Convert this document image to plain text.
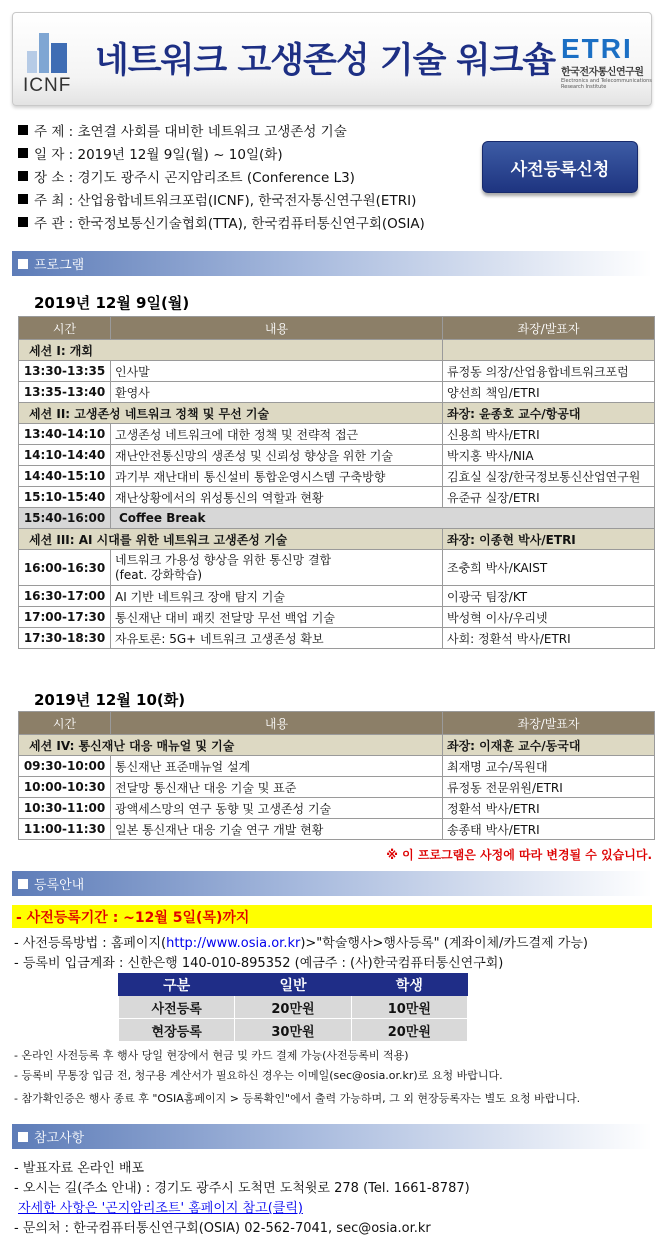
ICNF
네트워크 고생존성 기술 워크숍 ETRI
한국전자통신연구원
Electronics and Telecommunications
Research Institute
주 제 : 초연결 사회를 대비한 네트워크 고생존성 기술
일 자 : 2019년 12월 9일(월) ~ 10일(화)
장 소 : 경기도 광주시 곤지암리조트 (Conference L3)
주 최 : 산업융합네트워크포럼(ICNF), 한국전자통신연구원(ETRI)
주 관 : 한국정보통신기술협회(TTA), 한국컴퓨터통신연구회(OSIA)
사전등록신청
프로그램
2019년 12월 9일(월)
시간	내용	좌장/발표자
세션 I: 개회		
13:30-13:35	인사말	류정동 의장/산업융합네트워크포럼
13:35-13:40	환영사	양선희 책임/ETRI
세션 II: 고생존성 네트워크 정책 및 무선 기술		좌장: 윤종호 교수/항공대
13:40-14:10	고생존성 네트워크에 대한 정책 및 전략적 접근	신용희 박사/ETRI
14:10-14:40	재난안전통신망의 생존성 및 신뢰성 향상을 위한 기술	박지홍 박사/NIA
14:40-15:10	과기부 재난대비 통신설비 통합운영시스템 구축방향	김효실 실장/한국정보통신산업연구원
15:10-15:40	재난상황에서의 위성통신의 역할과 현황	유준규 실장/ETRI
15:40-16:00	Coffee Break	
세션 III: AI 시대를 위한 네트워크 고생존성 기술		좌장: 이종현 박사/ETRI
16:00-16:30	네트워크 가용성 향상을 위한 통신망 결합
(feat. 강화학습)	조충희 박사/KAIST
16:30-17:00	AI 기반 네트워크 장애 탐지 기술	이광국 팀장/KT
17:00-17:30	통신재난 대비 패킷 전달망 무선 백업 기술	박성혁 이사/우리넷
17:30-18:30	자유토론: 5G+ 네트워크 고생존성 확보	사회: 정환석 박사/ETRI
2019년 12월 10(화)
시간	내용	좌장/발표자
세션 IV: 통신재난 대응 매뉴얼 및 기술		좌장: 이재훈 교수/동국대
09:30-10:00	통신재난 표준매뉴얼 설계	최재명 교수/목원대
10:00-10:30	전달망 통신재난 대응 기술 및 표준	류정동 전문위원/ETRI
10:30-11:00	광액세스망의 연구 동향 및 고생존성 기술	정환석 박사/ETRI
11:00-11:30	일본 통신재난 대응 기술 연구 개발 현황	송종태 박사/ETRI
※ 이 프로그램은 사정에 따라 변경될 수 있습니다.
등록안내
- 사전등록기간 : ~12월 5일(목)까지
- 사전등록방법 : 홈페이지(http://www.osia.or.kr)>"학술행사>행사등록" (계좌이체/카드결제 가능)
- 등록비 입금계좌 : 신한은행 140-010-895352 (예금주 : (사)한국컴퓨터통신연구회)
구분	일반	학생
사전등록	20만원	10만원
현장등록	30만원	20만원
- 온라인 사전등록 후 행사 당일 현장에서 현금 및 카드 결제 가능(사전등록비 적용)
- 등록비 무통장 입금 전, 청구용 계산서가 필요하신 경우는 이메일(sec@osia.or.kr)로 요청 바랍니다.
- 참가확인증은 행사 종료 후 "OSIA홈페이지 > 등록확인"에서 출력 가능하며, 그 외 현장등록자는 별도 요청 바랍니다.
참고사항
- 발표자료 온라인 배포
- 오시는 길(주소 안내) : 경기도 광주시 도척면 도척윗로 278 (Tel. 1661-8787)
자세한 사항은 '곤지암리조트' 홈페이지 참고(클릭)
- 문의처 : 한국컴퓨터통신연구회(OSIA) 02-562-7041, sec@osia.or.kr
